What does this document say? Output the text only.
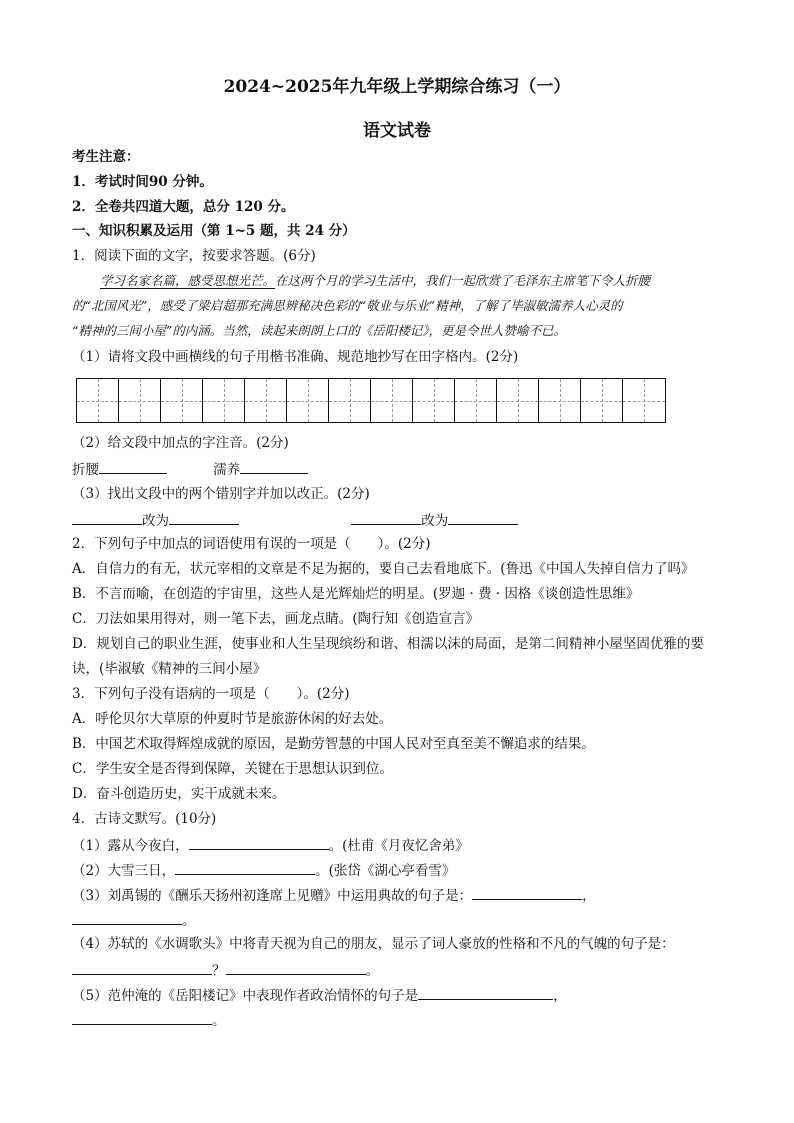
2024~2025年九年级上学期综合练习（一）
语文试卷
考生注意：
1．考试时间90 分钟。
2．全卷共四道大题，总分 120 分。
一、知识积累及运用（第 1~5 题，共 24 分）
1．阅读下面的文字，按要求答题。(6分)
学习名家名篇，感受思想光芒。在这两个月的学习生活中，我们一起欣赏了毛泽东主席笔下令人折腰
的“北国风光”，感受了梁启超那充满思辨秘决色彩的“敬业与乐业”精神，了解了毕淑敏濡养人心灵的
“精神的三间小屋”的内涵。当然，读起来朗朗上口的《岳阳楼记》，更是令世人赞喻不已。
（1）请将文段中画横线的句子用楷书准确、规范地抄写在田字格内。(2分)
（2）给文段中加点的字注音。(2分)
折腰	濡养
（3）找出文段中的两个错别字并加以改正。(2分)
改为	改为
2．下列句子中加点的词语使用有误的一项是（　　）。(2分)
A．自信力的有无，状元宰相的文章是不足为据的，要自己去看地底下。(鲁迅《中国人失掉自信力了吗》
B．不言而喻，在创造的宇宙里，这些人是光辉灿烂的明星。(罗迦 · 费 · 因格《谈创造性思维》
C．刀法如果用得对，则一笔下去，画龙点睛。(陶行知《创造宣言》
D．规划自己的职业生涯，使事业和人生呈现缤纷和谐、相濡以沫的局面，是第二间精神小屋坚固优雅的要
诀，(毕淑敏《精神的三间小屋》
3．下列句子没有语病的一项是（　　）。(2分)
A．呼伦贝尔大草原的仲夏时节是旅游休闲的好去处。
B．中国艺术取得辉煌成就的原因，是勤劳智慧的中国人民对至真至美不懈追求的结果。
C．学生安全是否得到保障，关键在于思想认识到位。
D．奋斗创造历史，实干成就未来。
4．古诗文默写。(10分)
（1）露从今夜白，	。(杜甫《月夜忆舍弟》
（2）大雪三日，	。(张岱《湖心亭看雪》
（3）刘禹锡的《酬乐天扬州初逢席上见赠》中运用典故的句子是：	，
。
（4）苏轼的《水调歌头》中将青天视为自己的朋友，显示了词人豪放的性格和不凡的气魄的句子是：
？	。
（5）范仲淹的《岳阳楼记》中表现作者政治情怀的句子是	，
。
